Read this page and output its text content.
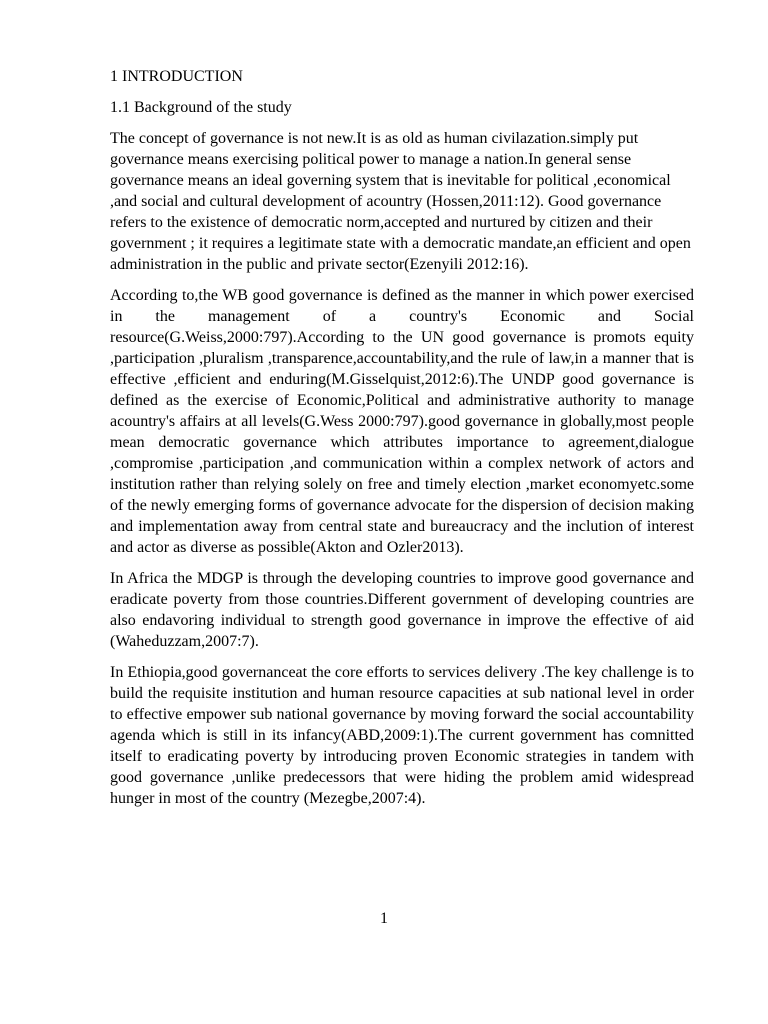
1 INTRODUCTION

1.1 Background of the study

The concept of governance is not new.It is as old as human civilazation.simply put governance means exercising political power to manage a nation.In general sense governance means an ideal governing system that is inevitable for political ,economical ,and social and cultural development of acountry (Hossen,2011:12). Good governance refers to the existence of democratic norm,accepted and nurtured by citizen and their government ; it requires a legitimate state with a democratic mandate,an efficient and open administration in the public and private sector(Ezenyili 2012:16).

According to,the WB good governance is defined as the manner in which power exercised in the management of a country's Economic and Social resource(G.Weiss,2000:797).According to the UN good governance is promots equity ,participation ,pluralism ,transparence,accountability,and the rule of law,in a manner that is effective ,efficient and enduring(M.Gisselquist,2012:6).The UNDP good governance is defined as the exercise of Economic,Political and administrative authority to manage acountry's affairs at all levels(G.Wess 2000:797).good governance in globally,most people mean democratic governance which attributes importance to agreement,dialogue ,compromise ,participation ,and communication within a complex network of actors and institution rather than relying solely on free and timely election ,market economyetc.some of the newly emerging forms of governance advocate for the dispersion of decision making and implementation away from central state and bureaucracy and the inclution of interest and actor as diverse as possible(Akton and Ozler2013).

In Africa the MDGP is through the developing countries to improve good governance and eradicate poverty from those countries.Different government of developing countries are also endavoring individual to strength good governance in improve the effective of aid (Waheduzzam,2007:7).

In Ethiopia,good governanceat the core efforts to services delivery .The key challenge is to build the requisite institution and human resource capacities at sub national level in order to effective empower sub national governance by moving forward the social accountability agenda which is still in its infancy(ABD,2009:1).The current government has comnitted itself to eradicating poverty by introducing proven Economic strategies in tandem with good governance ,unlike predecessors that were hiding the problem amid widespread hunger in most of the country (Mezegbe,2007:4).

1
